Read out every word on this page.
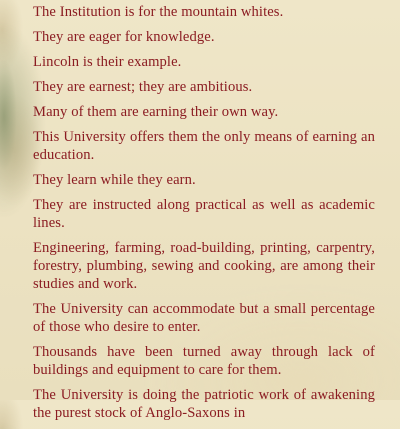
The Institution is for the mountain whites.

They are eager for knowledge.

Lincoln is their example.

They are earnest; they are ambitious.

Many of them are earning their own way.

This University offers them the only means of earning an education.

They learn while they earn.

They are instructed along practical as well as academic lines.

Engineering, farming, road-building, printing, carpentry, forestry, plumbing, sewing and cooking, are among their studies and work.

The University can accommodate but a small percentage of those who desire to enter.

Thousands have been turned away through lack of buildings and equipment to care for them.

The University is doing the patriotic work of awakening the purest stock of Anglo-Saxons in
